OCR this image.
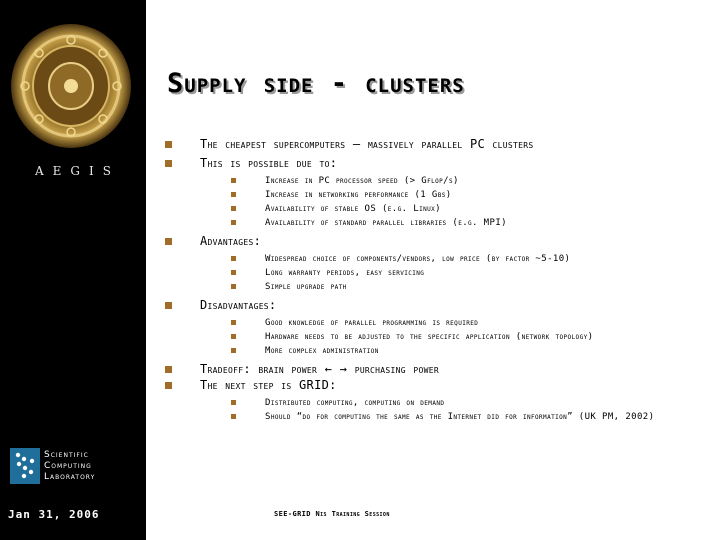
AEGIS
Scientific
Computing
Laboratory
Jan 31, 2006
Supply side - clusters
The cheapest supercomputers – massively parallel PC clusters
This is possible due to:
Increase in PC processor speed (> Gflop/s)
Increase in networking performance (1 Gbs)
Availability of stable OS (e.g. Linux)
Availability of standard parallel libraries (e.g. MPI)
Advantages:
Widespread choice of components/vendors, low price (by factor ~5-10)
Long warranty periods, easy servicing
Simple upgrade path
Disadvantages:
Good knowledge of parallel programming is required
Hardware needs to be adjusted to the specific application (network topology)
More complex administration
Tradeoff: brain power ← → purchasing power
The next step is GRID:
Distributed computing, computing on demand
Should “do for computing the same as the Internet did for information” (UK PM, 2002)
SEE-GRID Nis Training Session
